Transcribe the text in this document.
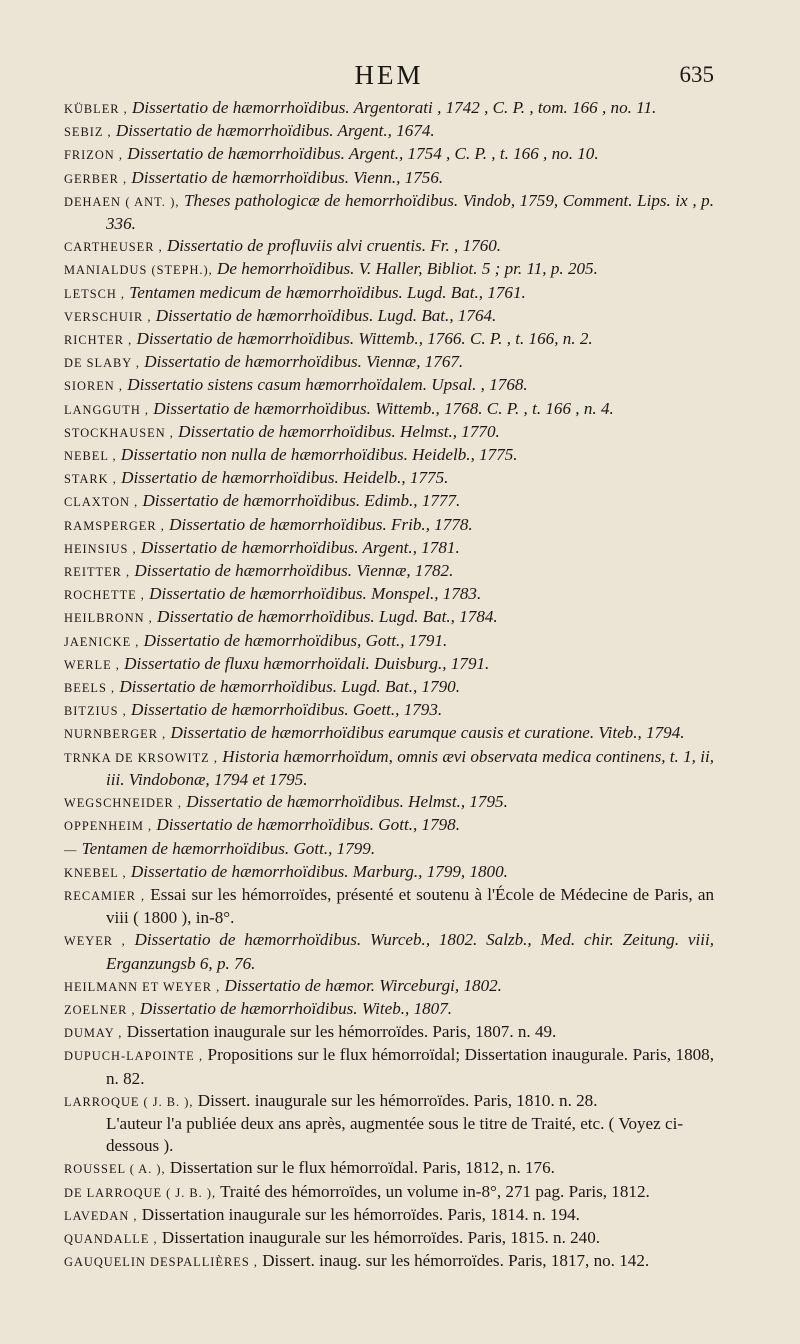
HEM	635
KÜBLER , Dissertatio de hæmorrhoïdibus. Argentorati , 1742 , C. P. , tom. 166 , no. 11.
SEBIZ , Dissertatio de hæmorrhoïdibus. Argent., 1674.
FRIZON , Dissertatio de hæmorrhoïdibus. Argent., 1754 , C. P. , t. 166 , no. 10.
GERBER , Dissertatio de hæmorrhoïdibus. Vienn., 1756.
DEHAEN ( ANT. ), Theses pathologicæ de hemorrhoïdibus. Vindob, 1759, Comment. Lips. ix , p. 336.
CARTHEUSER , Dissertatio de profluviis alvi cruentis. Fr. , 1760.
MANIALDUS (STEPH.), De hemorrhoïdibus. V. Haller, Bibliot. 5 ; pr. 11, p. 205.
LETSCH , Tentamen medicum de hæmorrhoïdibus. Lugd. Bat., 1761.
VERSCHUIR , Dissertatio de hæmorrhoïdibus. Lugd. Bat., 1764.
RICHTER , Dissertatio de hæmorrhoïdibus. Wittemb., 1766. C. P. , t. 166, n. 2.
DE SLABY , Dissertatio de hæmorrhoïdibus. Viennæ, 1767.
SIOREN , Dissertatio sistens casum hæmorrhoïdalem. Upsal. , 1768.
LANGGUTH , Dissertatio de hæmorrhoïdibus. Wittemb., 1768. C. P. , t. 166 , n. 4.
STOCKHAUSEN , Dissertatio de hæmorrhoïdibus. Helmst., 1770.
NEBEL , Dissertatio non nulla de hæmorrhoïdibus. Heidelb., 1775.
STARK , Dissertatio de hæmorrhoïdibus. Heidelb., 1775.
CLAXTON , Dissertatio de hæmorrhoïdibus. Edimb., 1777.
RAMSPERGER , Dissertatio de hæmorrhoïdibus. Frib., 1778.
HEINSIUS , Dissertatio de hæmorrhoïdibus. Argent., 1781.
REITTER , Dissertatio de hæmorrhoïdibus. Viennæ, 1782.
ROCHETTE , Dissertatio de hæmorrhoïdibus. Monspel., 1783.
HEILBRONN , Dissertatio de hæmorrhoïdibus. Lugd. Bat., 1784.
JAENICKE , Dissertatio de hæmorrhoïdibus, Gott., 1791.
WERLE , Dissertatio de fluxu hæmorrhoïdali. Duisburg., 1791.
BEELS , Dissertatio de hæmorrhoïdibus. Lugd. Bat., 1790.
BITZIUS , Dissertatio de hæmorrhoïdibus. Goett., 1793.
NURNBERGER , Dissertatio de hæmorrhoïdibus earumque causis et curatione. Viteb., 1794.
TRNKA DE KRSOWITZ , Historia hæmorrhoïdum, omnis ævi observata medica continens, t. 1, ii, iii. Vindobonæ, 1794 et 1795.
WEGSCHNEIDER , Dissertatio de hæmorrhoïdibus. Helmst., 1795.
OPPENHEIM , Dissertatio de hæmorrhoïdibus. Gott., 1798.
— Tentamen de hæmorrhoïdibus. Gott., 1799.
KNEBEL , Dissertatio de hæmorrhoïdibus. Marburg., 1799, 1800.
RECAMIER , Essai sur les hémorroïdes, présenté et soutenu à l'École de Médecine de Paris, an viii ( 1800 ), in-8°.
WEYER , Dissertatio de hæmorrhoïdibus. Wurceb., 1802. Salzb., Med. chir. Zeitung. viii, Erganzungsb 6, p. 76.
HEILMANN ET WEYER , Dissertatio de hæmor. Wirceburgi, 1802.
ZOELNER , Dissertatio de hæmorrhoïdibus. Witeb., 1807.
DUMAY , Dissertation inaugurale sur les hémorroïdes. Paris, 1807. n. 49.
DUPUCH-LAPOINTE , Propositions sur le flux hémorroïdal; Dissertation inaugurale. Paris, 1808, n. 82.
LARROQUE ( J. B. ), Dissert. inaugurale sur les hémorroïdes. Paris, 1810. n. 28.
L'auteur l'a publiée deux ans après, augmentée sous le titre de Traité, etc. ( Voyez ci-dessous ).
ROUSSEL ( A. ), Dissertation sur le flux hémorroïdal. Paris, 1812, n. 176.
DE LARROQUE ( J. B. ), Traité des hémorroïdes, un volume in-8°, 271 pag. Paris, 1812.
LAVEDAN , Dissertation inaugurale sur les hémorroïdes. Paris, 1814. n. 194.
QUANDALLE , Dissertation inaugurale sur les hémorroïdes. Paris, 1815. n. 240.
GAUQUELIN DESPALLIÈRES , Dissert. inaug. sur les hémorroïdes. Paris, 1817, no. 142.
